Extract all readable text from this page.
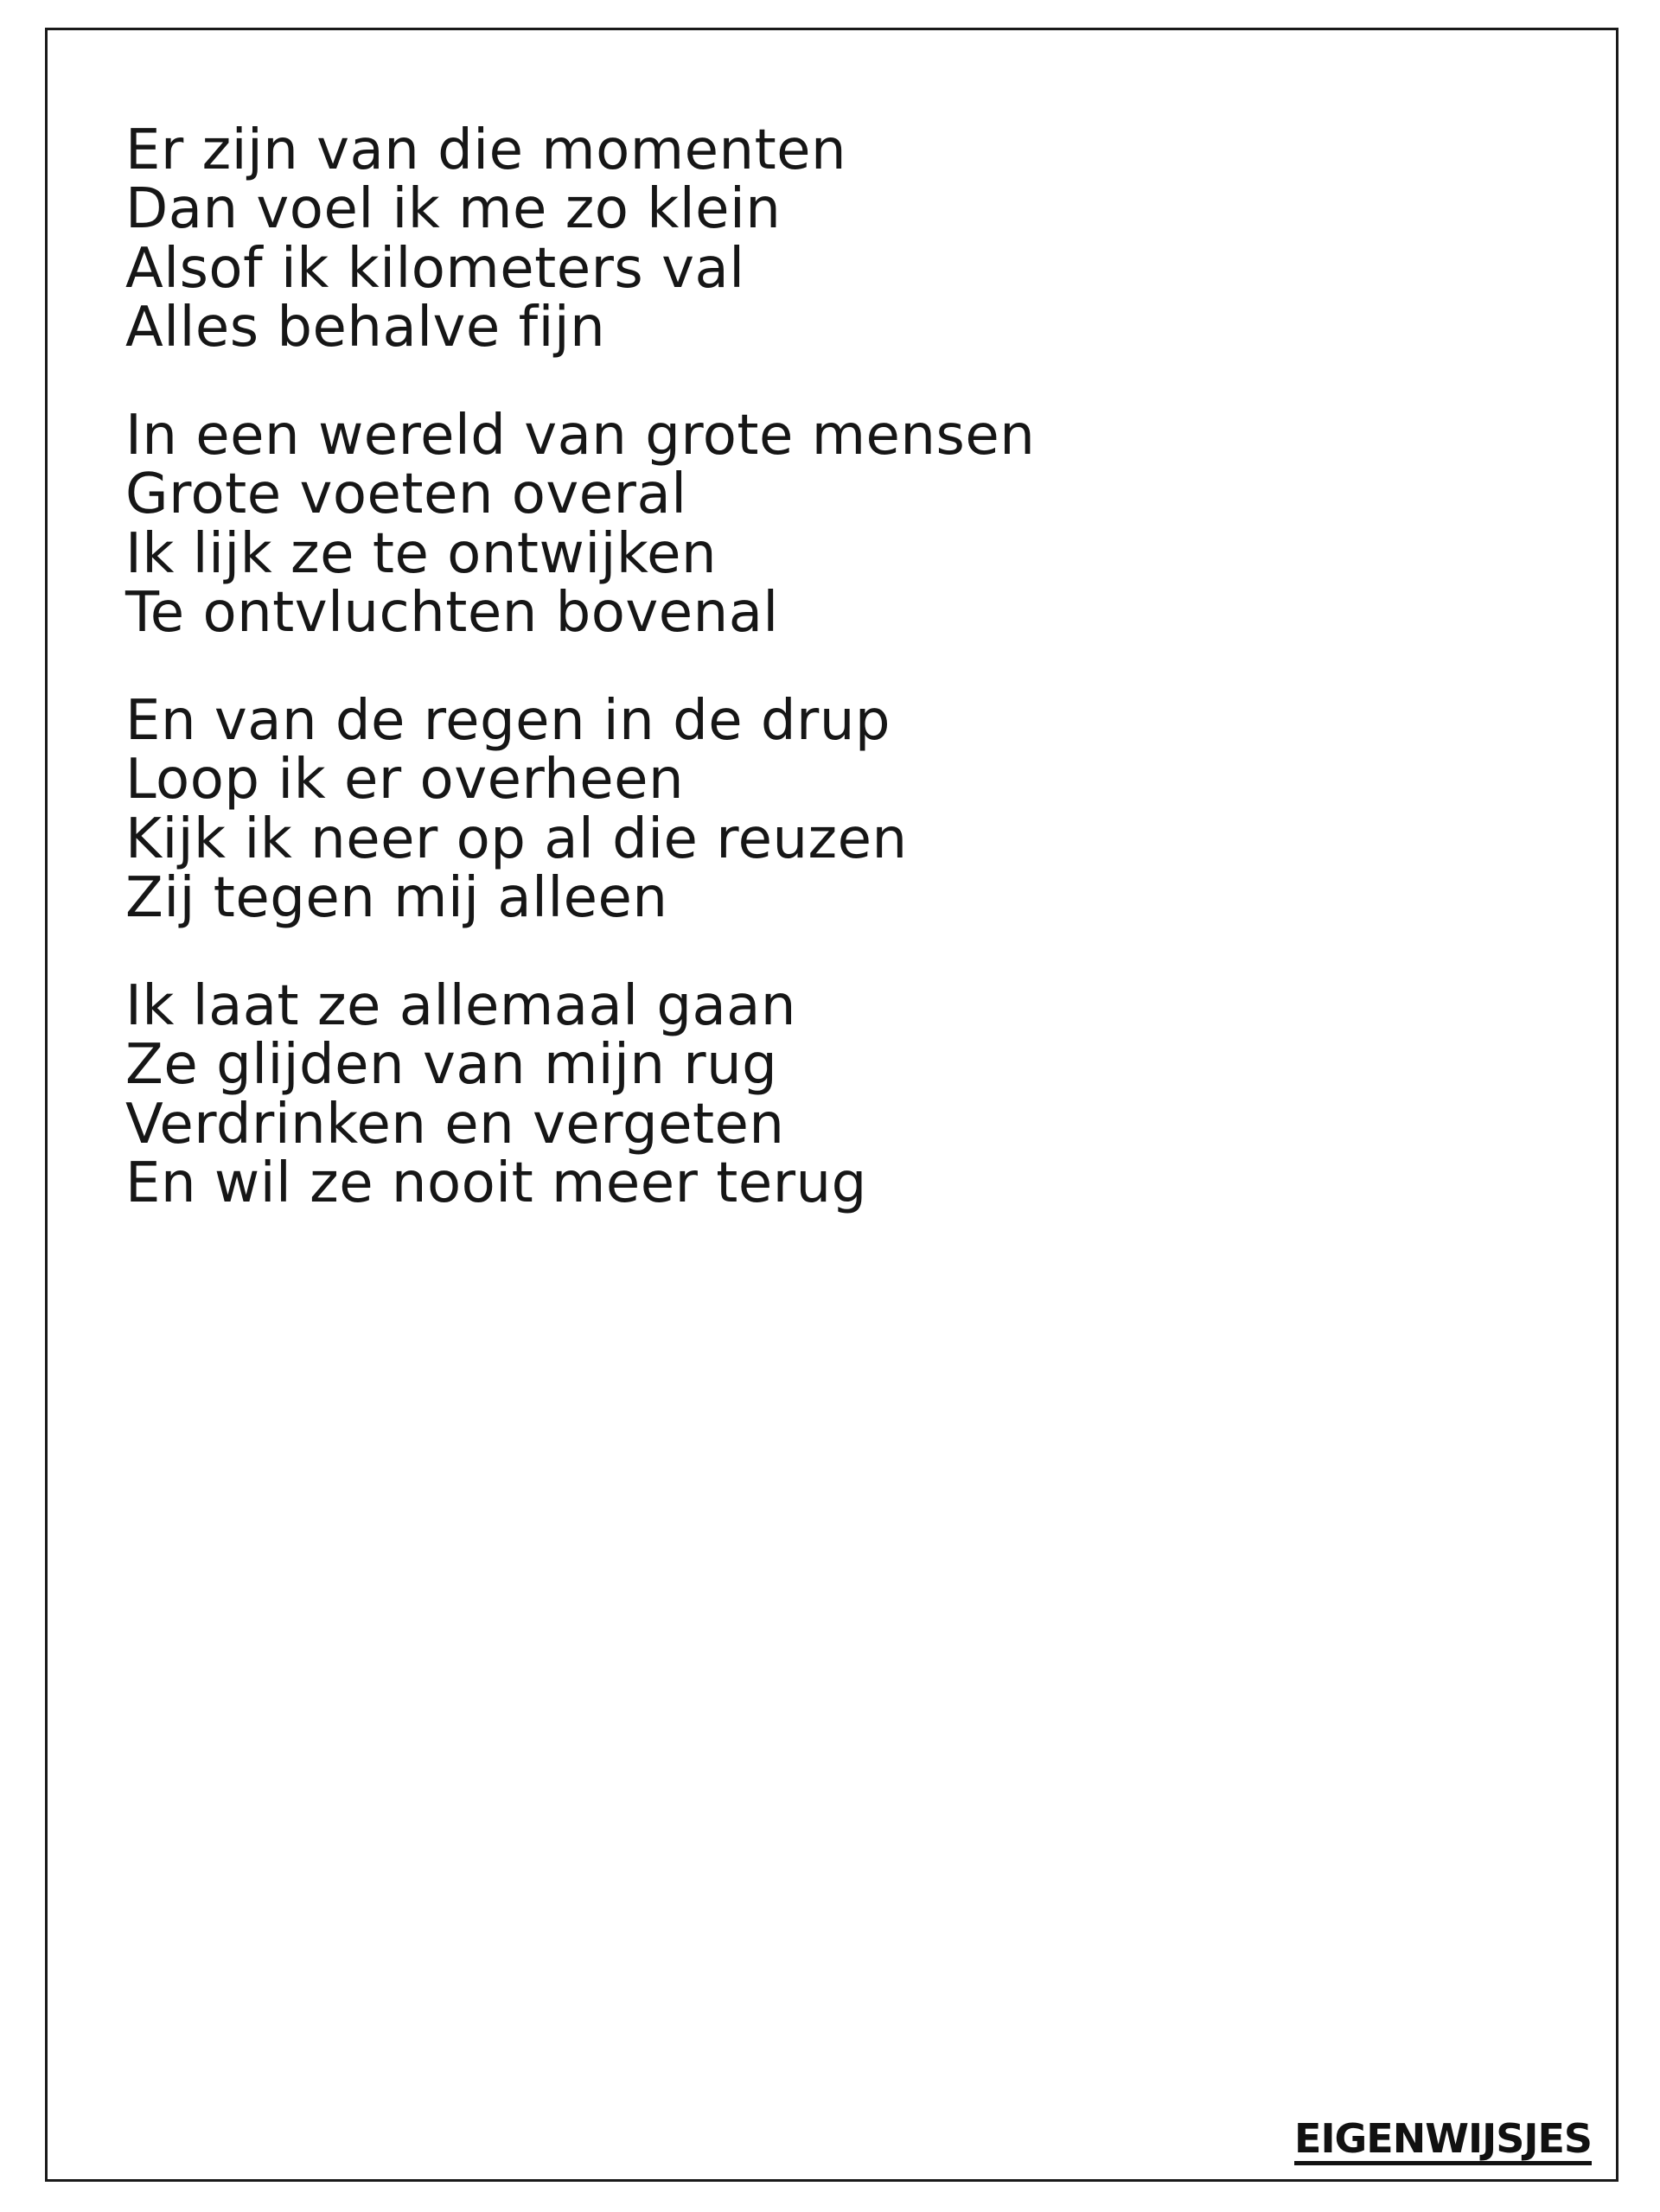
Er zijn van die momenten
Dan voel ik me zo klein
Alsof ik kilometers val
Alles behalve fijn
In een wereld van grote mensen
Grote voeten overal
Ik lijk ze te ontwijken
Te ontvluchten bovenal
En van de regen in de drup
Loop ik er overheen
Kijk ik neer op al die reuzen
Zij tegen mij alleen
Ik laat ze allemaal gaan
Ze glijden van mijn rug
Verdrinken en vergeten
En wil ze nooit meer terug
EIGENWIJSJES
